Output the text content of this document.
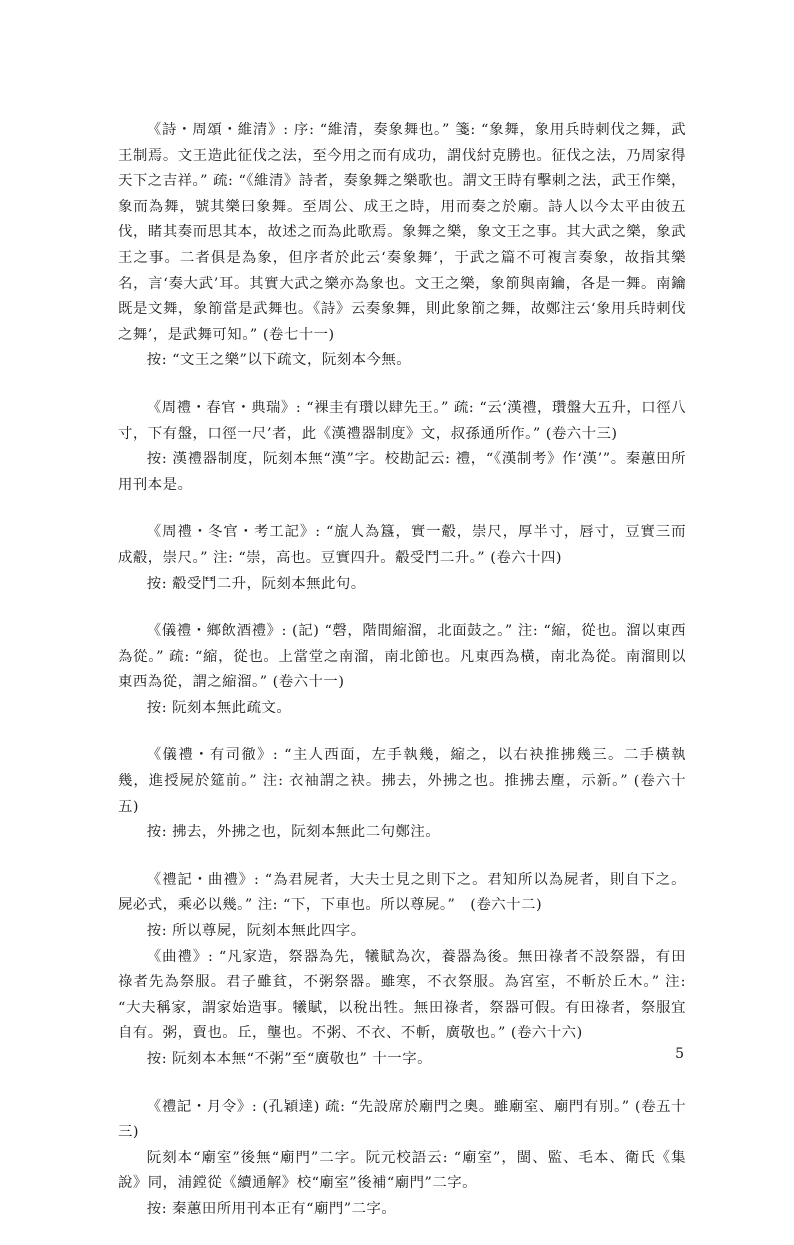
《詩・周頌・維清》: 序: “維清，奏象舞也。” 箋: “象舞，象用兵時刺伐之舞，武王制焉。文王造此征伐之法，至今用之而有成功，謂伐紂克勝也。征伐之法，乃周家得天下之吉祥。” 疏: “《維清》詩者，奏象舞之樂歌也。謂文王時有擊刺之法，武王作樂，象而為舞，號其樂曰象舞。至周公、成王之時，用而奏之於廟。詩人以今太平由彼五伐，睹其奏而思其本，故述之而為此歌焉。象舞之樂，象文王之事。其大武之樂，象武王之事。二者俱是為象，但序者於此云‘奏象舞’，于武之篇不可複言奏象，故指其樂名，言‘奏大武’耳。其實大武之樂亦為象也。文王之樂，象箾與南鑰，各是一舞。南鑰既是文舞，象箾當是武舞也。《詩》云奏象舞，則此象箾之舞，故鄭注云‘象用兵時刺伐之舞’，是武舞可知。” (卷七十一)

按: “文王之樂”以下疏文，阮刻本今無。

《周禮・春官・典瑞》: “裸圭有瓚以肆先王。” 疏: “云‘漢禮，瓚盤大五升，口徑八寸，下有盤，口徑一尺’者，此《漢禮器制度》文，叔孫通所作。” (卷六十三)

按: 漢禮器制度，阮刻本無“漢”字。校勘記云: 禮，“《漢制考》作‘漢’”。秦蕙田所用刊本是。

《周禮・冬官・考工記》: “旊人為簋，實一觳，崇尺，厚半寸，唇寸，豆實三而成觳，崇尺。” 注: “崇，高也。豆實四升。觳受鬥二升。” (卷六十四)

按: 觳受鬥二升，阮刻本無此句。

《儀禮・鄉飲酒禮》: (記) “磬，階間縮溜，北面鼓之。” 注: “縮，從也。溜以東西為從。” 疏: “縮，從也。上當堂之南溜，南北節也。凡東西為橫，南北為從。南溜則以東西為從，謂之縮溜。” (卷六十一)

按: 阮刻本無此疏文。

《儀禮・有司徹》: “主人西面，左手執幾，縮之，以右袂推拂幾三。二手橫執幾，進授屍於筵前。” 注: 衣袖謂之袂。拂去，外拂之也。推拂去塵，示新。” (卷六十五)

按: 拂去，外拂之也，阮刻本無此二句鄭注。

《禮記・曲禮》: “為君屍者，大夫士見之則下之。君知所以為屍者，則自下之。屍必式，乘必以幾。” 注: “下，下車也。所以尊屍。”　(卷六十二)

按: 所以尊屍，阮刻本無此四字。

《曲禮》: “凡家造，祭器為先，犧賦為次，養器為後。無田祿者不設祭器，有田祿者先為祭服。君子雖貧，不粥祭器。雖寒，不衣祭服。為宮室，不斬於丘木。” 注: “大夫稱家，謂家始造事。犧賦，以稅出牲。無田祿者，祭器可假。有田祿者，祭服宜自有。粥，賣也。丘，壟也。不粥、不衣、不斬，廣敬也。” (卷六十六)

按: 阮刻本本無“不粥”至“廣敬也” 十一字。

《禮記・月令》: (孔穎達) 疏: “先設席於廟門之奧。雖廟室、廟門有別。” (卷五十三)

阮刻本“廟室”後無“廟門”二字。阮元校語云: “廟室”，閩、監、毛本、衛氏《集說》同，浦鏜從《續通解》校“廟室”後補“廟門”二字。

按: 秦蕙田所用刊本正有“廟門”二字。

5
